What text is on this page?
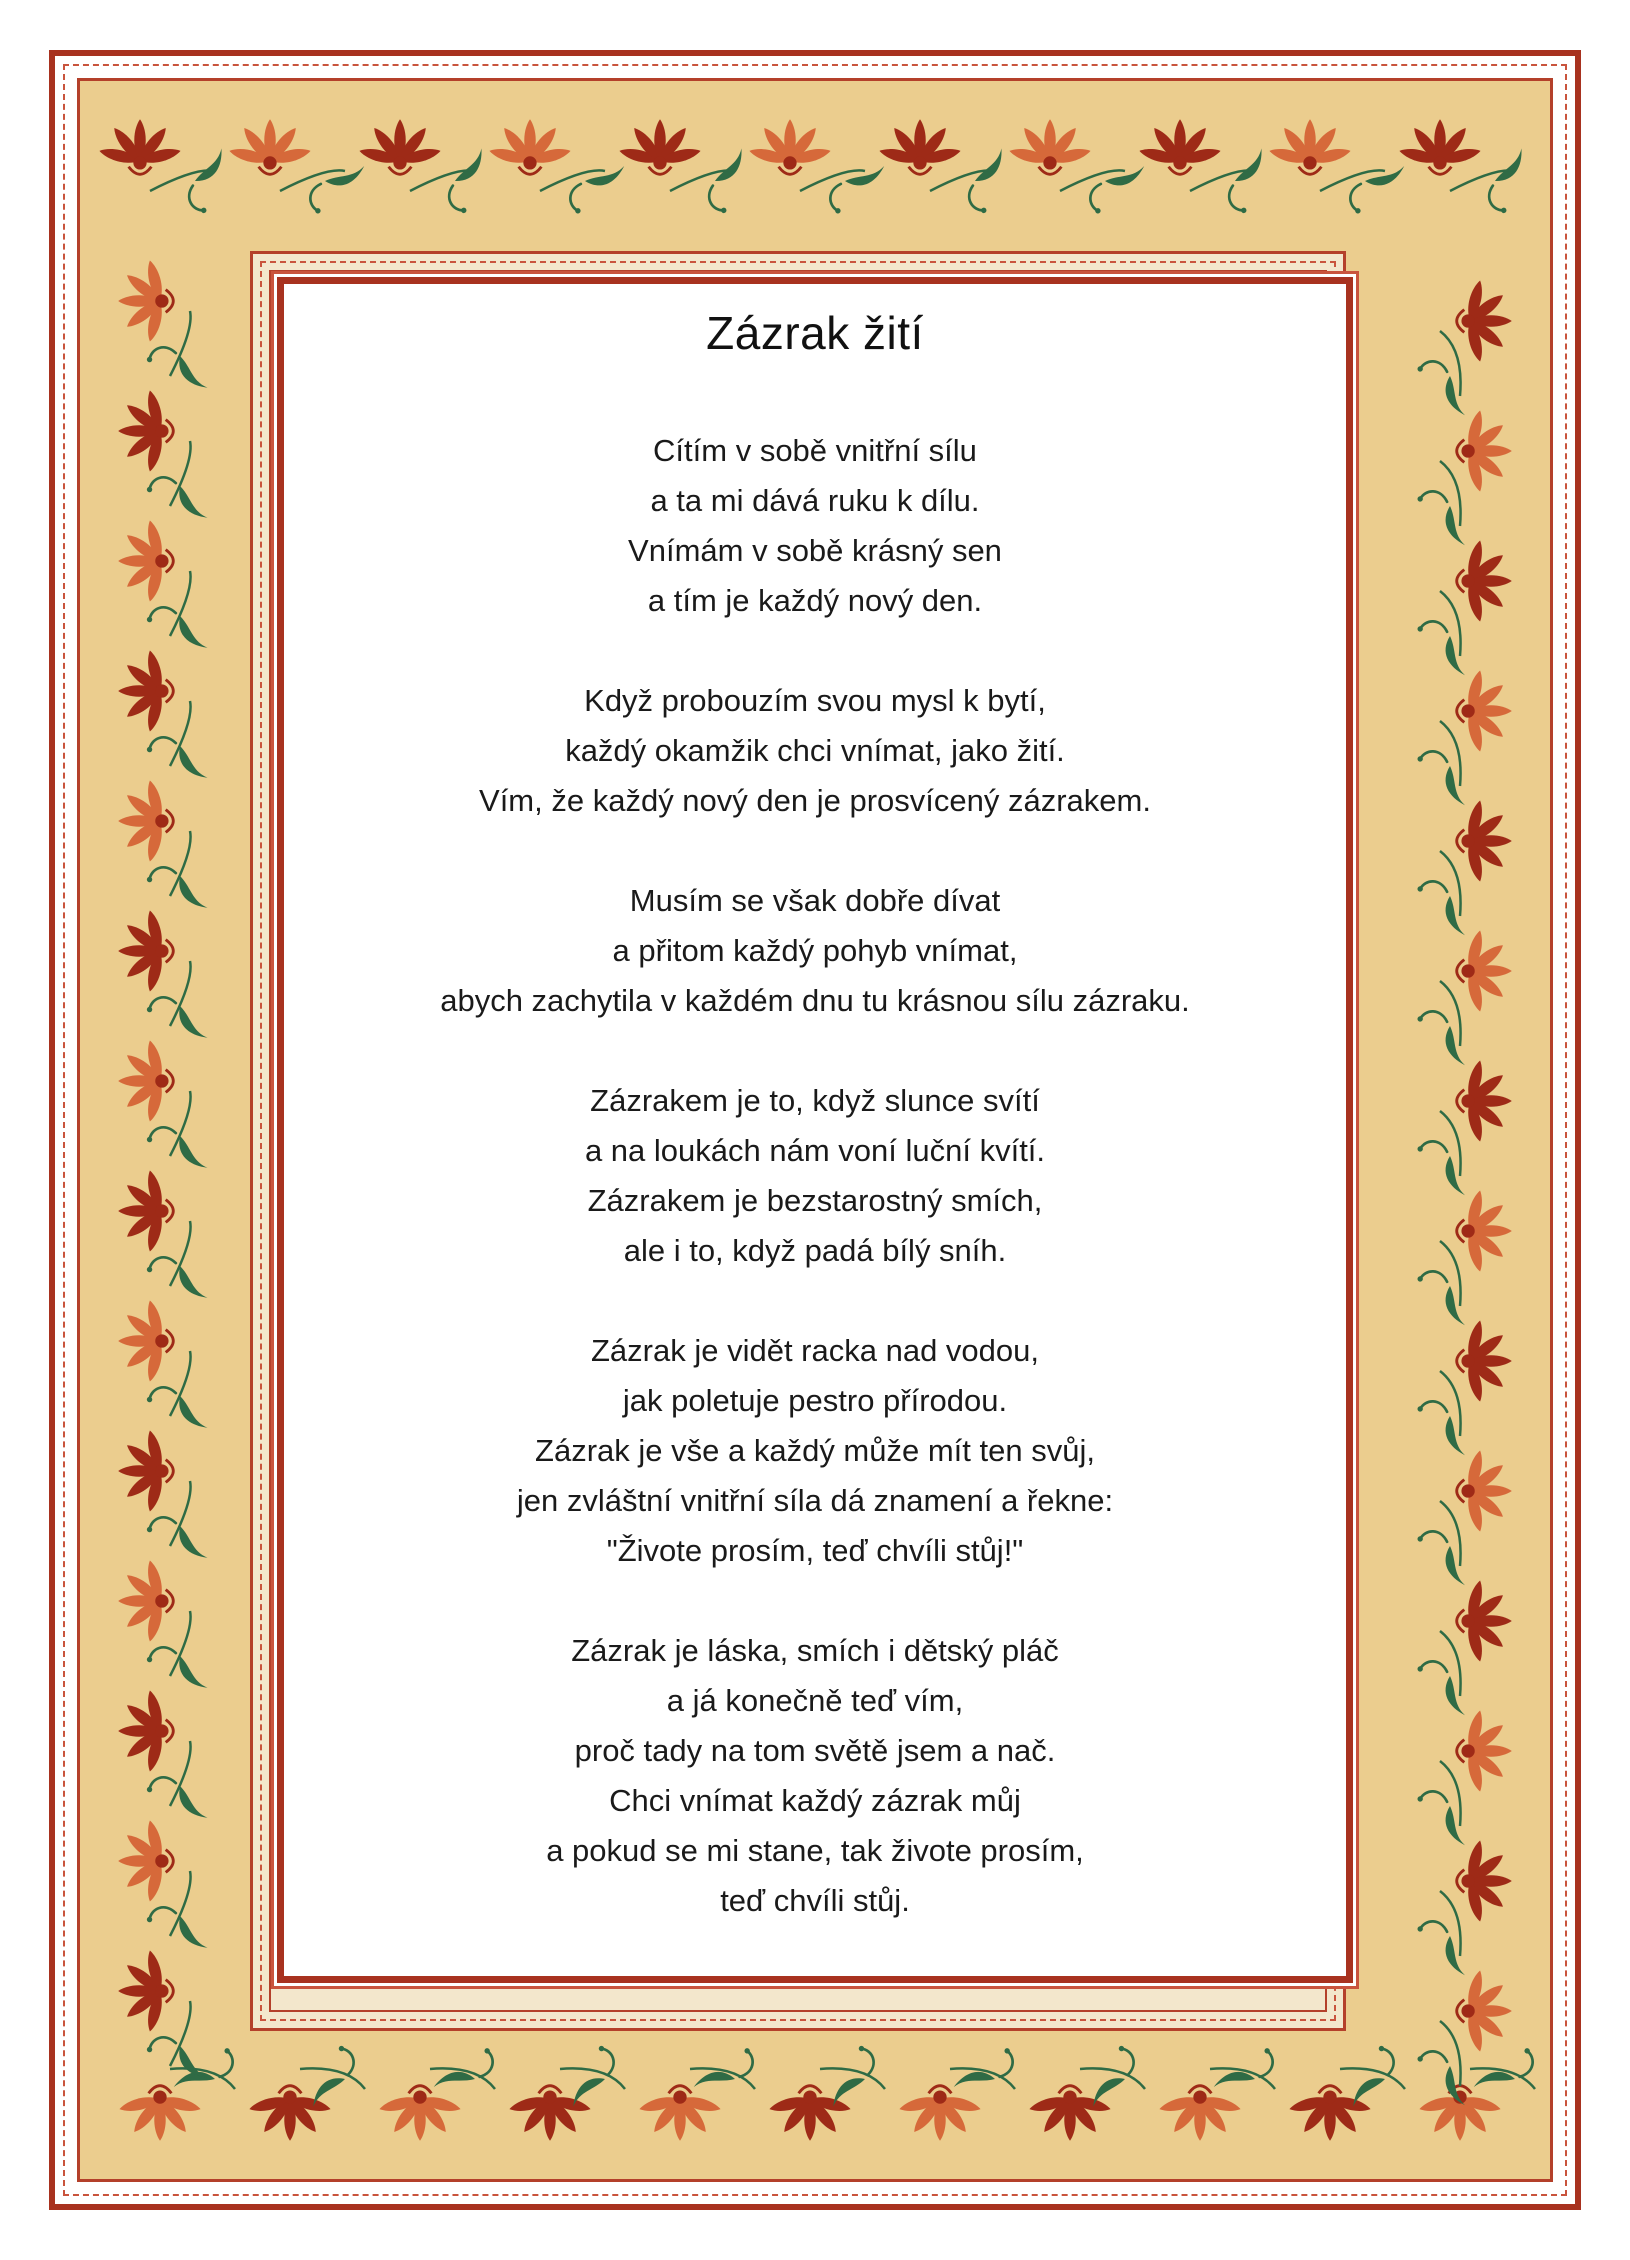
Zázrak žití
Cítím v sobě vnitřní sílu
a ta mi dává ruku k dílu.
Vnímám v sobě krásný sen
a tím je každý nový den.
Když probouzím svou mysl k bytí,
každý okamžik chci vnímat, jako žití.
Vím, že každý nový den je prosvícený zázrakem.
Musím se však dobře dívat
a přitom každý pohyb vnímat,
abych zachytila v každém dnu tu krásnou sílu zázraku.
Zázrakem je to, když slunce svítí
a na loukách nám voní luční kvítí.
Zázrakem je bezstarostný smích,
ale i to, když padá bílý sníh.
Zázrak je vidět racka nad vodou,
jak poletuje pestro přírodou.
Zázrak je vše a každý může mít ten svůj,
jen zvláštní vnitřní síla dá znamení a řekne:
"Živote prosím, teď chvíli stůj!"
Zázrak je láska, smích i dětský pláč
a já konečně teď vím,
proč tady na tom světě jsem a nač.
Chci vnímat každý zázrak můj
a pokud se mi stane, tak živote prosím,
teď chvíli stůj.
